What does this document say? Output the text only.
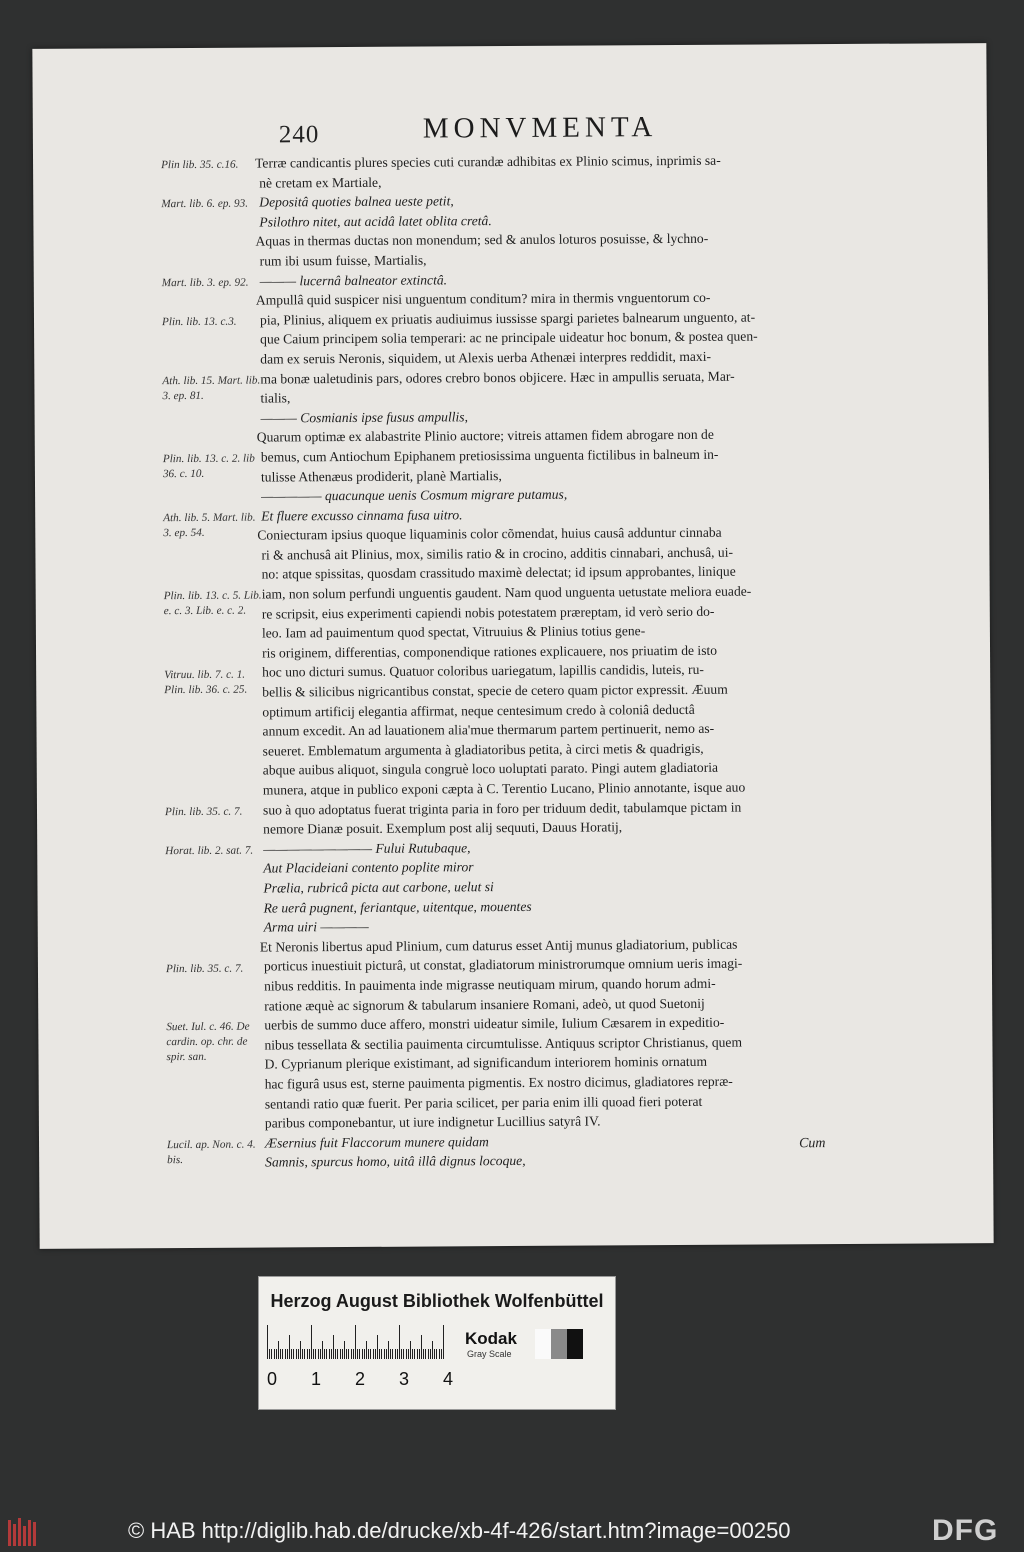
240	MONVMENTA
Plin lib. 35. c.16.
Mart. lib. 6. ep. 93.
Mart. lib. 3. ep. 92.
Plin. lib. 13. c.3.
Ath. lib. 15. Mart. lib. 3. ep. 81.
Plin. lib. 13. c. 2. lib 36. c. 10.
Ath. lib. 5. Mart. lib. 3. ep. 54.
Plin. lib. 13. c. 5. Lib. e. c. 3. Lib. e. c. 2.
Vitruu. lib. 7. c. 1. Plin. lib. 36. c. 25.
Plin. lib. 35. c. 7.
Horat. lib. 2. sat. 7.
Plin. lib. 35. c. 7.
Suet. Iul. c. 46. De cardin. op. chr. de spir. san.
Lucil. ap. Non. c. 4. bis.
Terræ candicantis plures species cuti curandæ adhibitas ex Plinio scimus, inprimis sa-
nè cretam ex Martiale,
Depositâ quoties balnea ueste petit,
Psilothro nitet, aut acidâ latet oblita cretâ.
Aquas in thermas ductas non monendum; sed & anulos loturos posuisse, & lychno-
rum ibi usum fuisse, Martialis,
——— lucernâ balneator extinctâ.
Ampullâ quid suspicer nisi unguentum conditum? mira in thermis vnguentorum co-
pia, Plinius, aliquem ex priuatis audiuimus iussisse spargi parietes balnearum unguento, at-
que Caium principem solia temperari: ac ne principale uideatur hoc bonum, & postea quen-
dam ex seruis Neronis, siquidem, ut Alexis uerba Athenæi interpres reddidit, maxi-
ma bonæ ualetudinis pars, odores crebro bonos objicere. Hæc in ampullis seruata, Mar-
tialis,
——— Cosmianis ipse fusus ampullis,
Quarum optimæ ex alabastrite Plinio auctore; vitreis attamen fidem abrogare non de
bemus, cum Antiochum Epiphanem pretiosissima unguenta fictilibus in balneum in-
tulisse Athenæus prodiderit, planè Martialis,
————— quacunque uenis Cosmum migrare putamus,
Et fluere excusso cinnama fusa uitro.
Coniecturam ipsius quoque liquaminis color cõmendat, huius causâ adduntur cinnaba
ri & anchusâ ait Plinius, mox, similis ratio & in crocino, additis cinnabari, anchusâ, ui-
no: atque spissitas, quosdam crassitudo maximè delectat; id ipsum approbantes, linique
iam, non solum perfundi unguentis gaudent. Nam quod unguenta uetustate meliora euade-
re scripsit, eius experimenti capiendi nobis potestatem præreptam, id verò serio do-
leo. Iam ad pauimentum quod spectat, Vitruuius & Plinius totius gene-
ris originem, differentias, componendique rationes explicauere, nos priuatim de isto
hoc uno dicturi sumus. Quatuor coloribus uariegatum, lapillis candidis, luteis, ru-
bellis & silicibus nigricantibus constat, specie de cetero quam pictor expressit. Æuum
optimum artificij elegantia affirmat, neque centesimum credo à coloniâ deductâ
annum excedit. An ad lauationem alia'mue thermarum partem pertinuerit, nemo as-
seueret. Emblematum argumenta à gladiatoribus petita, à circi metis & quadrigis,
abque auibus aliquot, singula congruè loco uoluptati parato. Pingi autem gladiatoria
munera, atque in publico exponi cæpta à C. Terentio Lucano, Plinio annotante, isque auo
suo à quo adoptatus fuerat triginta paria in foro per triduum dedit, tabulamque pictam in
nemore Dianæ posuit. Exemplum post alij sequuti, Dauus Horatij,
————————— Fului Rutubaque,
Aut Placideiani contento poplite miror
Prælia, rubricâ picta aut carbone, uelut si
Re uerâ pugnent, feriantque, uitentque, mouentes
Arma uiri ————
Et Neronis libertus apud Plinium, cum daturus esset Antij munus gladiatorium, publicas
porticus inuestiuit picturâ, ut constat, gladiatorum ministrorumque omnium ueris imagi-
nibus redditis. In pauimenta inde migrasse neutiquam mirum, quando horum admi-
ratione æquè ac signorum & tabularum insaniere Romani, adeò, ut quod Suetonij
uerbis de summo duce affero, monstri uideatur simile, Iulium Cæsarem in expeditio-
nibus tessellata & sectilia pauimenta circumtulisse. Antiquus scriptor Christianus, quem
D. Cyprianum plerique existimant, ad significandum interiorem hominis ornatum
hac figurâ usus est, sterne pauimenta pigmentis. Ex nostro dicimus, gladiatores repræ-
sentandi ratio quæ fuerit. Per paria scilicet, per paria enim illi quoad fieri poterat
paribus componebantur, ut iure indignetur Lucillius satyrâ IV.
Æsernius fuit Flaccorum munere quidam
Samnis, spurcus homo, uitâ illâ dignus locoque,
Cum
Herzog August Bibliothek Wolfenbüttel
0 1 2 3 4
Kodak
Gray Scale
© HAB http://diglib.hab.de/drucke/xb-4f-426/start.htm?image=00250	DFG
